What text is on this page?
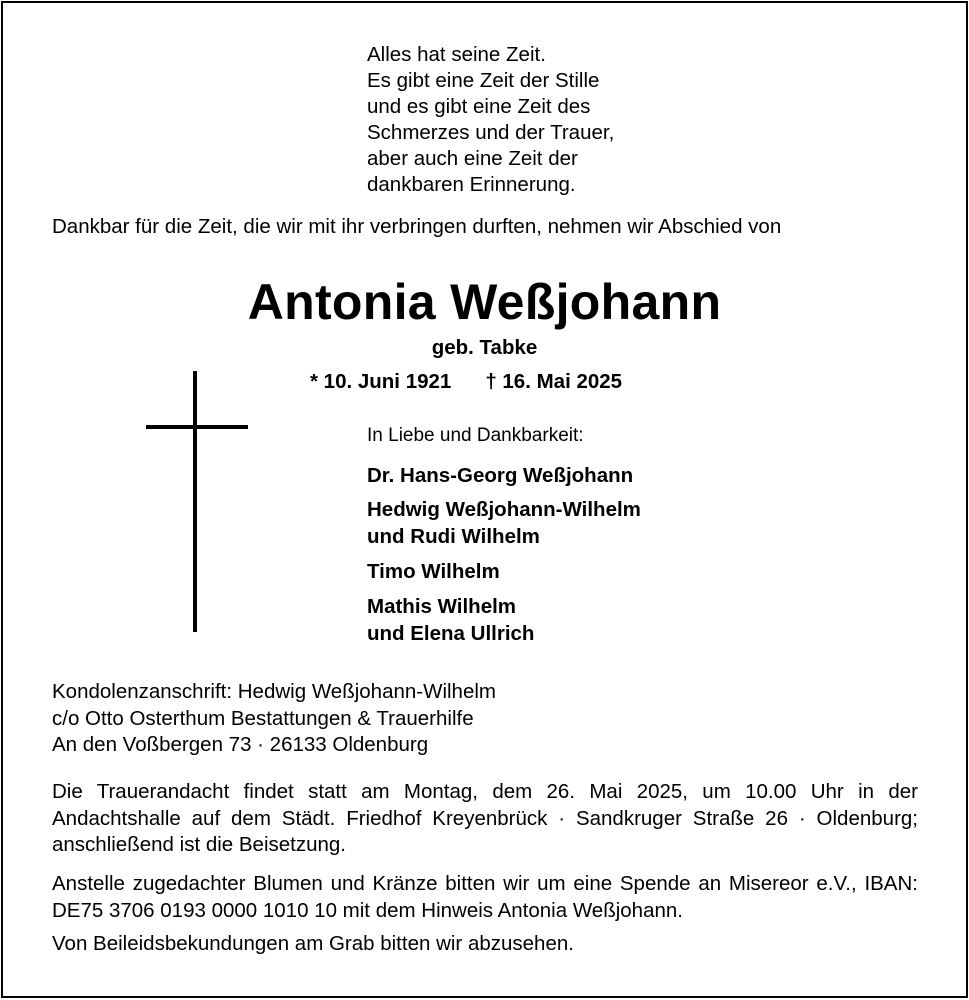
Alles hat seine Zeit.
Es gibt eine Zeit der Stille
und es gibt eine Zeit des
Schmerzes und der Trauer,
aber auch eine Zeit der
dankbaren Erinnerung.

Dankbar für die Zeit, die wir mit ihr verbringen durften, nehmen wir Abschied von

Antonia Weßjohann

geb. Tabke

* 10. Juni 1921 † 16. Mai 2025

In Liebe und Dankbarkeit:

Dr. Hans-Georg Weßjohann
Hedwig Weßjohann-Wilhelm
und Rudi Wilhelm
Timo Wilhelm
Mathis Wilhelm
und Elena Ullrich
Kondolenzanschrift: Hedwig Weßjohann-Wilhelm
c/o Otto Osterthum Bestattungen & Trauerhilfe
An den Voßbergen 73 · 26133 Oldenburg

Die Trauerandacht findet statt am Montag, dem 26. Mai 2025, um 10.00 Uhr in der Andachtshalle auf dem Städt. Friedhof Kreyenbrück · Sandkruger Straße 26 · Oldenburg; anschließend ist die Beisetzung.

Anstelle zugedachter Blumen und Kränze bitten wir um eine Spende an Misereor e.V., IBAN: DE75 3706 0193 0000 1010 10 mit dem Hinweis Antonia Weßjohann.

Von Beileidsbekundungen am Grab bitten wir abzusehen.
